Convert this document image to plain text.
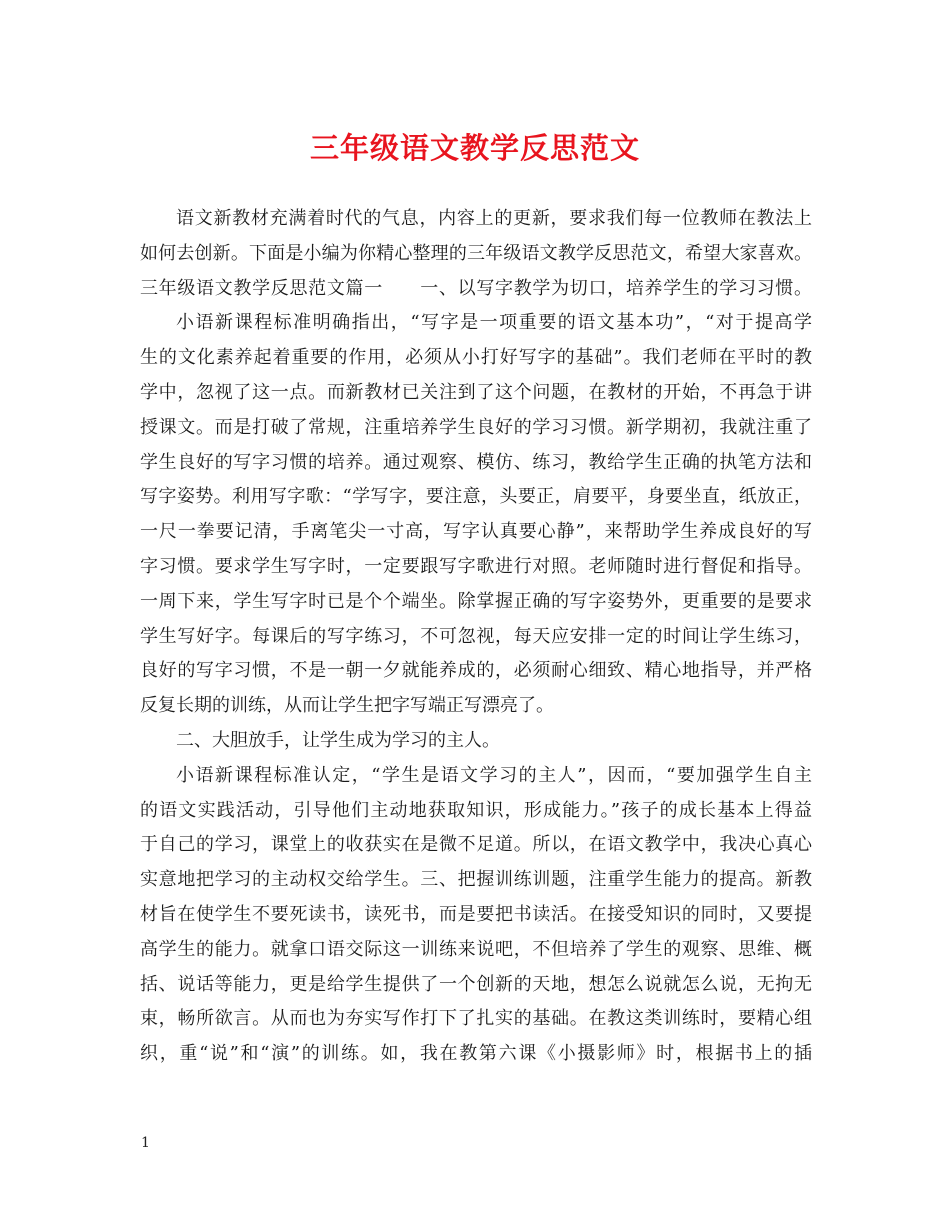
三年级语文教学反思范文
语文新教材充满着时代的气息，内容上的更新，要求我们每一位教师在教法上
如何去创新。下面是小编为你精心整理的三年级语文教学反思范文，希望大家喜欢。
三年级语文教学反思范文篇一　　一、以写字教学为切口，培养学生的学习习惯。
小语新课程标准明确指出，“写字是一项重要的语文基本功”，“对于提高学
生的文化素养起着重要的作用，必须从小打好写字的基础”。我们老师在平时的教
学中，忽视了这一点。而新教材已关注到了这个问题，在教材的开始，不再急于讲
授课文。而是打破了常规，注重培养学生良好的学习习惯。新学期初，我就注重了
学生良好的写字习惯的培养。通过观察、模仿、练习，教给学生正确的执笔方法和
写字姿势。利用写字歌：“学写字，要注意，头要正，肩要平，身要坐直，纸放正，
一尺一拳要记清，手离笔尖一寸高，写字认真要心静”，来帮助学生养成良好的写
字习惯。要求学生写字时，一定要跟写字歌进行对照。老师随时进行督促和指导。
一周下来，学生写字时已是个个端坐。除掌握正确的写字姿势外，更重要的是要求
学生写好字。每课后的写字练习，不可忽视，每天应安排一定的时间让学生练习，
良好的写字习惯，不是一朝一夕就能养成的，必须耐心细致、精心地指导，并严格
反复长期的训练，从而让学生把字写端正写漂亮了。
二、大胆放手，让学生成为学习的主人。
小语新课程标准认定，“学生是语文学习的主人”，因而，“要加强学生自主
的语文实践活动，引导他们主动地获取知识，形成能力。”孩子的成长基本上得益
于自己的学习，课堂上的收获实在是微不足道。所以，在语文教学中，我决心真心
实意地把学习的主动权交给学生。三、把握训练训题，注重学生能力的提高。新教
材旨在使学生不要死读书，读死书，而是要把书读活。在接受知识的同时，又要提
高学生的能力。就拿口语交际这一训练来说吧，不但培养了学生的观察、思维、概
括、说话等能力，更是给学生提供了一个创新的天地，想怎么说就怎么说，无拘无
束，畅所欲言。从而也为夯实写作打下了扎实的基础。在教这类训练时，要精心组
织，重“说”和“演”的训练。如，我在教第六课《小摄影师》时，根据书上的插
1
